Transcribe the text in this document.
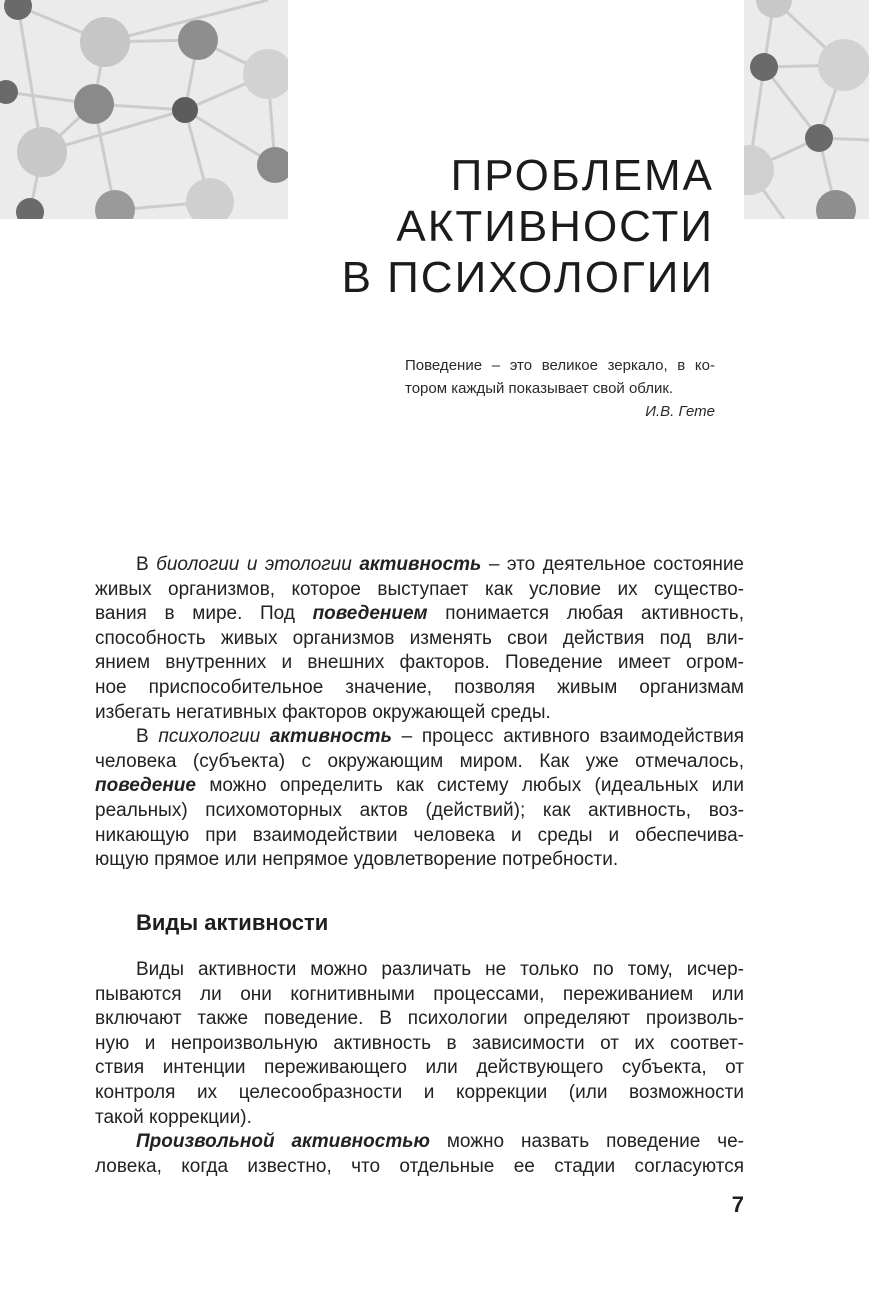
ПРОБЛЕМА
АКТИВНОСТИ
В ПСИХОЛОГИИ
Поведение – это великое зеркало, в ко-
тором каждый показывает свой облик.
И.В. Гете

В биологии и этологии активность – это деятельное состояние
живых организмов, которое выступает как условие их существо-
вания в мире. Под поведением понимается любая активность,
способность живых организмов изменять свои действия под вли-
янием внутренних и внешних факторов. Поведение имеет огром-
ное приспособительное значение, позволяя живым организмам
избегать негативных факторов окружающей среды.

В психологии активность – процесс активного взаимодействия
человека (субъекта) с окружающим миром. Как уже отмечалось,
поведение можно определить как систему любых (идеальных или
реальных) психомоторных актов (действий); как активность, воз-
никающую при взаимодействии человека и среды и обеспечива-
ющую прямое или непрямое удовлетворение потребности.

Виды активности

Виды активности можно различать не только по тому, исчер-
пываются ли они когнитивными процессами, переживанием или
включают также поведение. В психологии определяют произволь-
ную и непроизвольную активность в зависимости от их соответ-
ствия интенции переживающего или действующего субъекта, от
контроля их целесообразности и коррекции (или возможности
такой коррекции).

Произвольной активностью можно назвать поведение че-
ловека, когда известно, что отдельные ее стадии согласуются

7
